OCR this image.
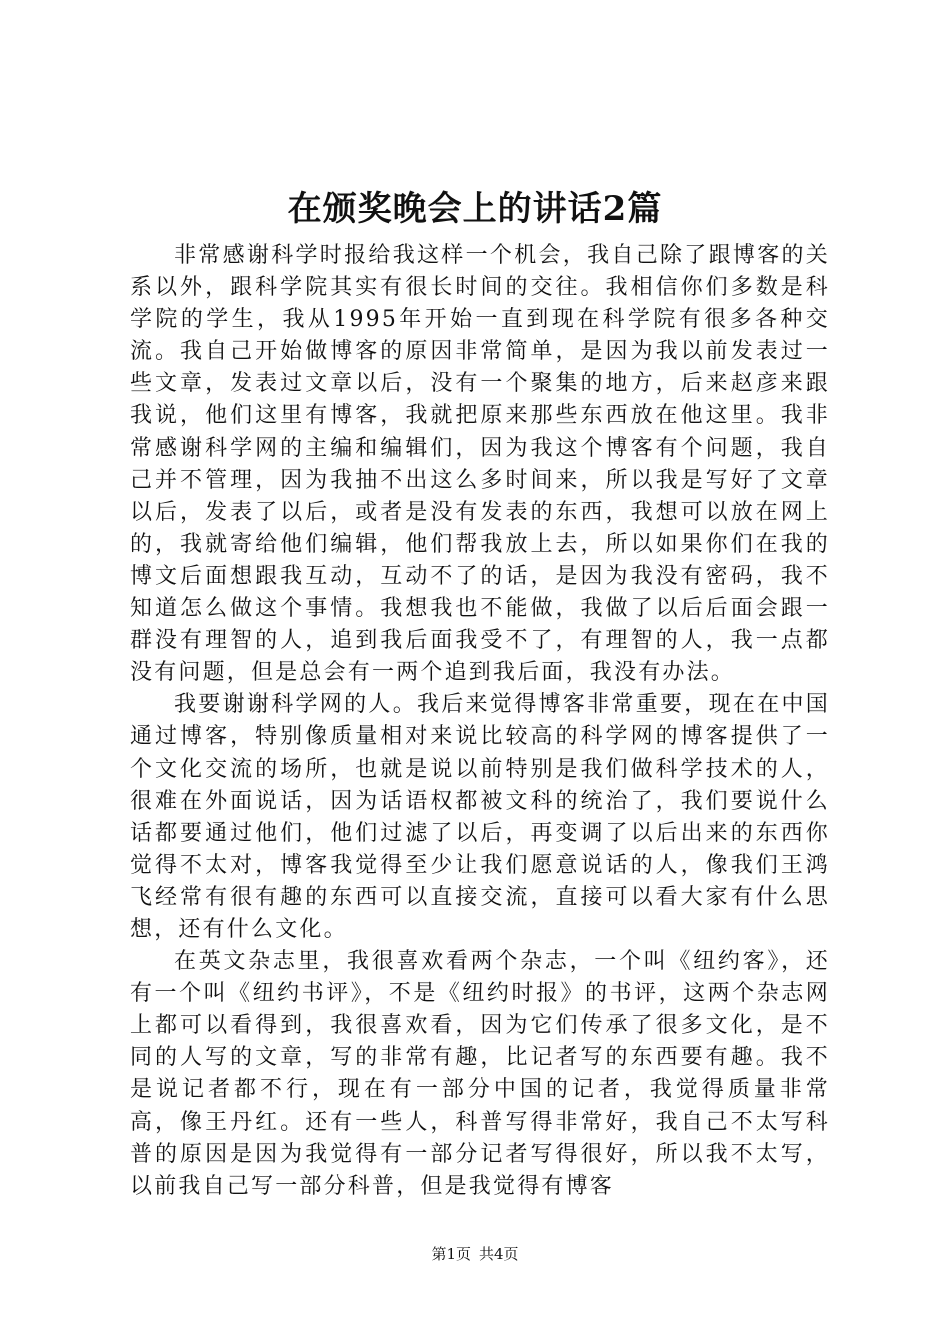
在颁奖晚会上的讲话2篇

非常感谢科学时报给我这样一个机会，我自己除了跟博客的关系以外，跟科学院其实有很长时间的交往。我相信你们多数是科学院的学生，我从1995年开始一直到现在科学院有很多各种交流。我自己开始做博客的原因非常简单，是因为我以前发表过一些文章，发表过文章以后，没有一个聚集的地方，后来赵彦来跟我说，他们这里有博客，我就把原来那些东西放在他这里。我非常感谢科学网的主编和编辑们，因为我这个博客有个问题，我自己并不管理，因为我抽不出这么多时间来，所以我是写好了文章以后，发表了以后，或者是没有发表的东西，我想可以放在网上的，我就寄给他们编辑，他们帮我放上去，所以如果你们在我的博文后面想跟我互动，互动不了的话，是因为我没有密码，我不知道怎么做这个事情。我想我也不能做，我做了以后后面会跟一群没有理智的人，追到我后面我受不了，有理智的人，我一点都没有问题，但是总会有一两个追到我后面，我没有办法。

我要谢谢科学网的人。我后来觉得博客非常重要，现在在中国通过博客，特别像质量相对来说比较高的科学网的博客提供了一个文化交流的场所，也就是说以前特别是我们做科学技术的人，很难在外面说话，因为话语权都被文科的统治了，我们要说什么话都要通过他们，他们过滤了以后，再变调了以后出来的东西你觉得不太对，博客我觉得至少让我们愿意说话的人，像我们王鸿飞经常有很有趣的东西可以直接交流，直接可以看大家有什么思想，还有什么文化。

在英文杂志里，我很喜欢看两个杂志，一个叫《纽约客》，还有一个叫《纽约书评》，不是《纽约时报》的书评，这两个杂志网上都可以看得到，我很喜欢看，因为它们传承了很多文化，是不同的人写的文章，写的非常有趣，比记者写的东西要有趣。我不是说记者都不行，现在有一部分中国的记者，我觉得质量非常高，像王丹红。还有一些人，科普写得非常好，我自己不太写科普的原因是因为我觉得有一部分记者写得很好，所以我不太写，以前我自己写一部分科普，但是我觉得有博客

第1页 共4页
